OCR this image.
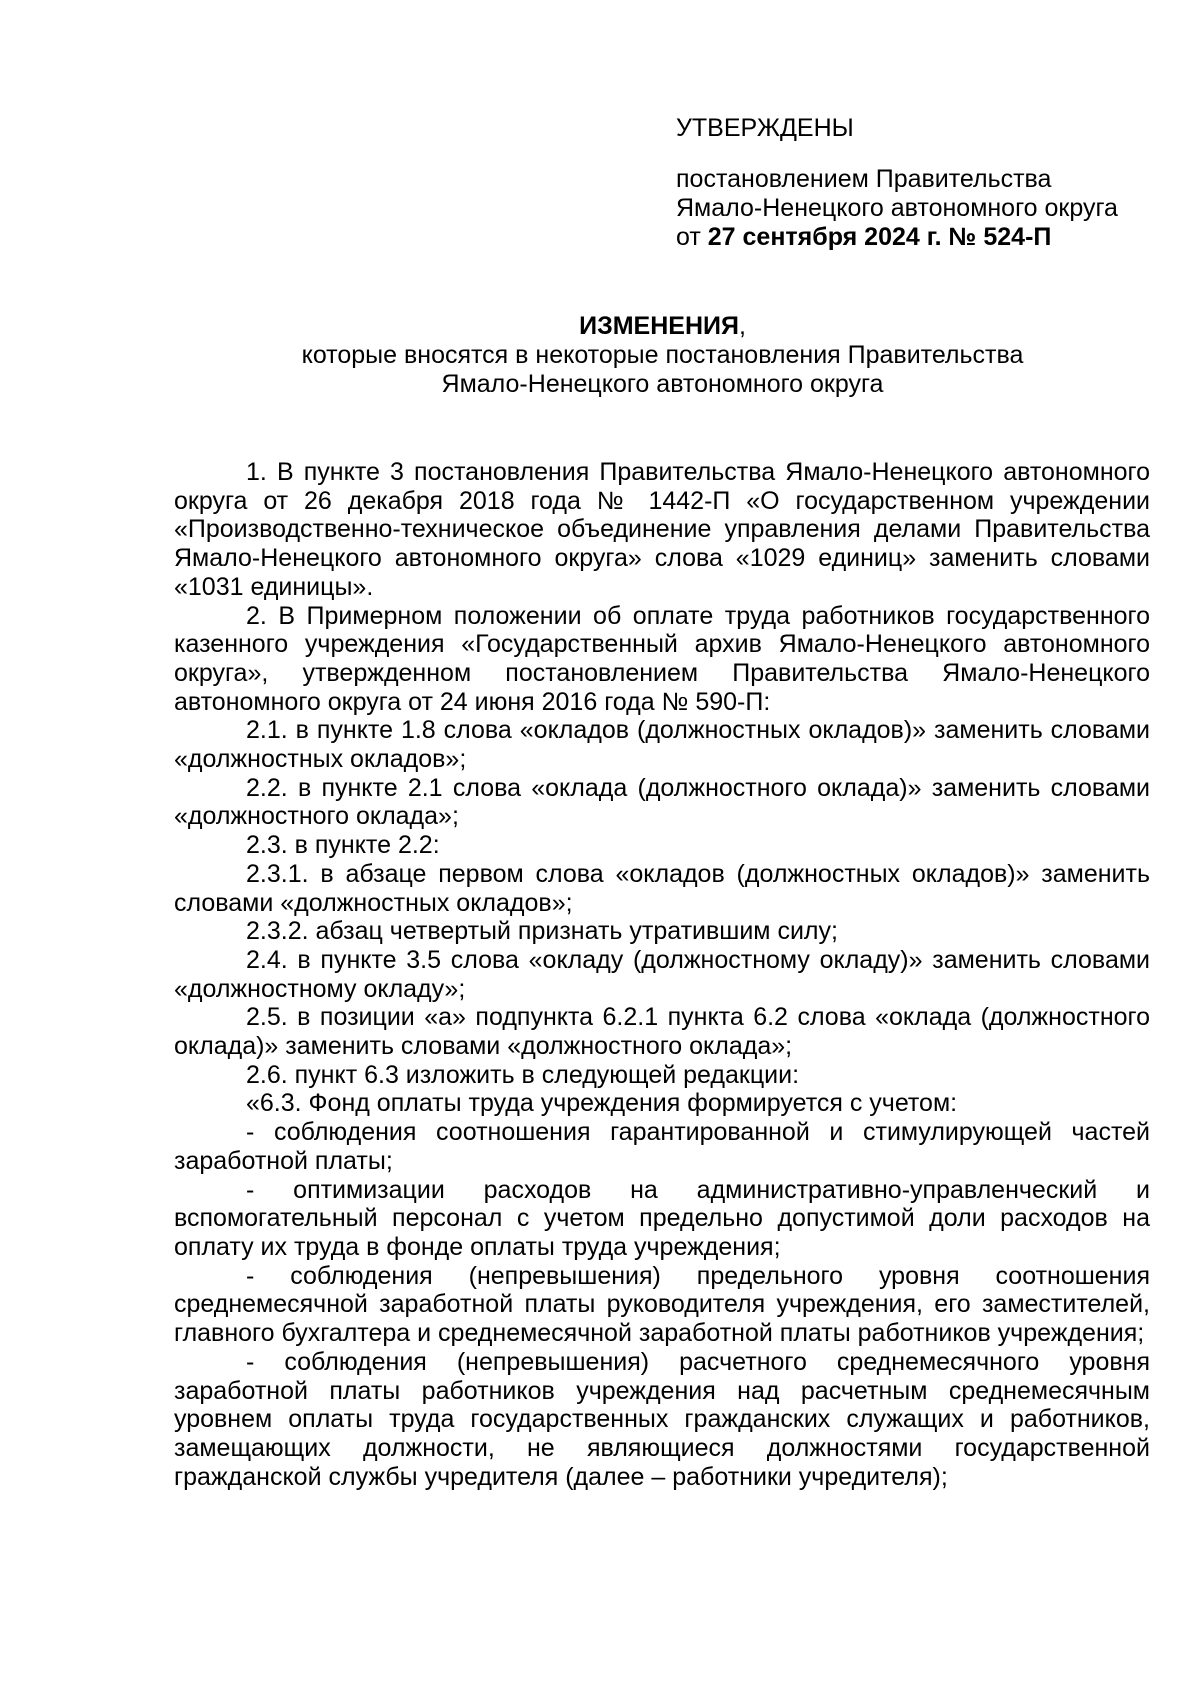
УТВЕРЖДЕНЫ

постановлением Правительства

Ямало-Ненецкого автономного округа

от 27 сентября 2024 г. № 524-П

ИЗМЕНЕНИЯ,

которые вносятся в некоторые постановления Правительства

Ямало-Ненецкого автономного округа

1. В пункте 3 постановления Правительства Ямало-Ненецкого автономного округа от 26 декабря 2018 года № 1442-П «О государственном учреждении «Производственно-техническое объединение управления делами Правительства Ямало-Ненецкого автономного округа» слова «1029 единиц» заменить словами «1031 единицы».

2. В Примерном положении об оплате труда работников государственного казенного учреждения «Государственный архив Ямало-Ненецкого автономного округа», утвержденном постановлением Правительства Ямало-Ненецкого автономного округа от 24 июня 2016 года № 590-П:

2.1. в пункте 1.8 слова «окладов (должностных окладов)» заменить словами «должностных окладов»;

2.2. в пункте 2.1 слова «оклада (должностного оклада)» заменить словами «должностного оклада»;

2.3. в пункте 2.2:

2.3.1. в абзаце первом слова «окладов (должностных окладов)» заменить словами «должностных окладов»;

2.3.2. абзац четвертый признать утратившим силу;

2.4. в пункте 3.5 слова «окладу (должностному окладу)» заменить словами «должностному окладу»;

2.5. в позиции «а» подпункта 6.2.1 пункта 6.2 слова «оклада (должностного оклада)» заменить словами «должностного оклада»;

2.6. пункт 6.3 изложить в следующей редакции:

«6.3. Фонд оплаты труда учреждения формируется с учетом:

- соблюдения соотношения гарантированной и стимулирующей частей заработной платы;

- оптимизации расходов на административно-управленческий и вспомогательный персонал с учетом предельно допустимой доли расходов на оплату их труда в фонде оплаты труда учреждения;

- соблюдения (непревышения) предельного уровня соотношения среднемесячной заработной платы руководителя учреждения, его заместителей, главного бухгалтера и среднемесячной заработной платы работников учреждения;

- соблюдения (непревышения) расчетного среднемесячного уровня заработной платы работников учреждения над расчетным среднемесячным уровнем оплаты труда государственных гражданских служащих и работников, замещающих должности, не являющиеся должностями государственной гражданской службы учредителя (далее – работники учредителя);
